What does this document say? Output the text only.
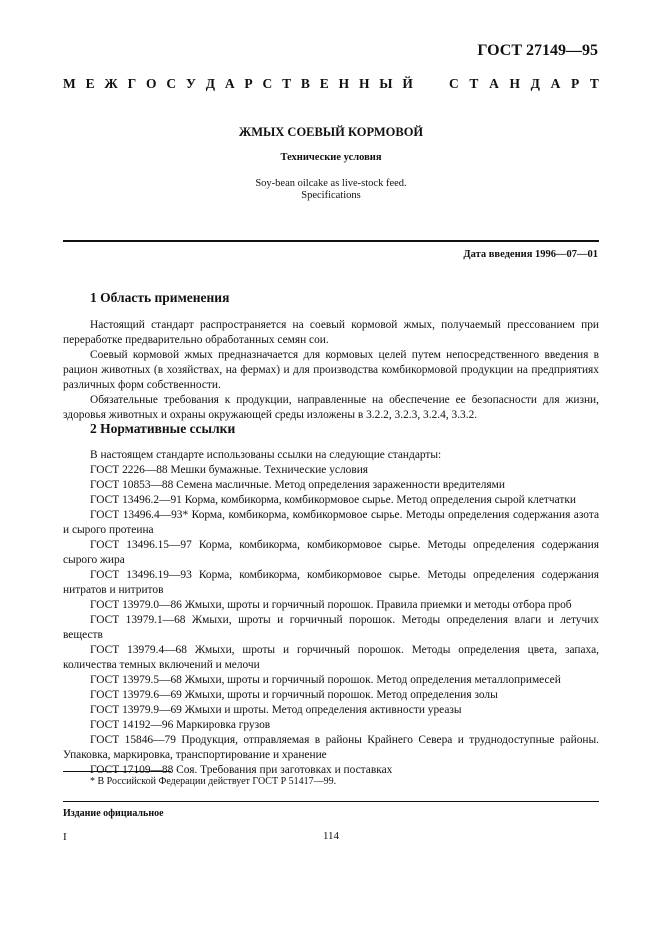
ГОСТ 27149—95
М Е Ж Г О С У Д А Р С Т В Е Н Н Ы Й	С Т А Н Д А Р Т
ЖМЫХ СОЕВЫЙ КОРМОВОЙ
Технические условия
Soy-bean oilcake as live-stock feed.
Specifications
Дата введения 1996—07—01
1 Область применения

Настоящий стандарт распространяется на соевый кормовой жмых, получаемый прессованием при переработке предварительно обработанных семян сои.

Соевый кормовой жмых предназначается для кормовых целей путем непосредственного введения в рацион животных (в хозяйствах, на фермах) и для производства комбикормовой продукции на предприятиях различных форм собственности.

Обязательные требования к продукции, направленные на обеспечение ее безопасности для жизни, здоровья животных и охраны окружающей среды изложены в 3.2.2, 3.2.3, 3.2.4, 3.3.2.

2 Нормативные ссылки

В настоящем стандарте использованы ссылки на следующие стандарты:

ГОСТ 2226—88 Мешки бумажные. Технические условия

ГОСТ 10853—88 Семена масличные. Метод определения зараженности вредителями

ГОСТ 13496.2—91 Корма, комбикорма, комбикормовое сырье. Метод определения сырой клетчатки

ГОСТ 13496.4—93* Корма, комбикорма, комбикормовое сырье. Методы определения содержания азота и сырого протеина

ГОСТ 13496.15—97 Корма, комбикорма, комбикормовое сырье. Методы определения содержания сырого жира

ГОСТ 13496.19—93 Корма, комбикорма, комбикормовое сырье. Методы определения содержания нитратов и нитритов

ГОСТ 13979.0—86 Жмыхи, шроты и горчичный порошок. Правила приемки и методы отбора проб

ГОСТ 13979.1—68 Жмыхи, шроты и горчичный порошок. Методы определения влаги и летучих веществ

ГОСТ 13979.4—68 Жмыхи, шроты и горчичный порошок. Методы определения цвета, запаха, количества темных включений и мелочи

ГОСТ 13979.5—68 Жмыхи, шроты и горчичный порошок. Метод определения металлопримесей

ГОСТ 13979.6—69 Жмыхи, шроты и горчичный порошок. Метод определения золы

ГОСТ 13979.9—69 Жмыхи и шроты. Метод определения активности уреазы

ГОСТ 14192—96 Маркировка грузов

ГОСТ 15846—79 Продукция, отправляемая в районы Крайнего Севера и труднодоступные районы. Упаковка, маркировка, транспортирование и хранение

ГОСТ 17109—88 Соя. Требования при заготовках и поставках

* В Российской Федерации действует ГОСТ Р 51417—99.
Издание официальное
I	114
